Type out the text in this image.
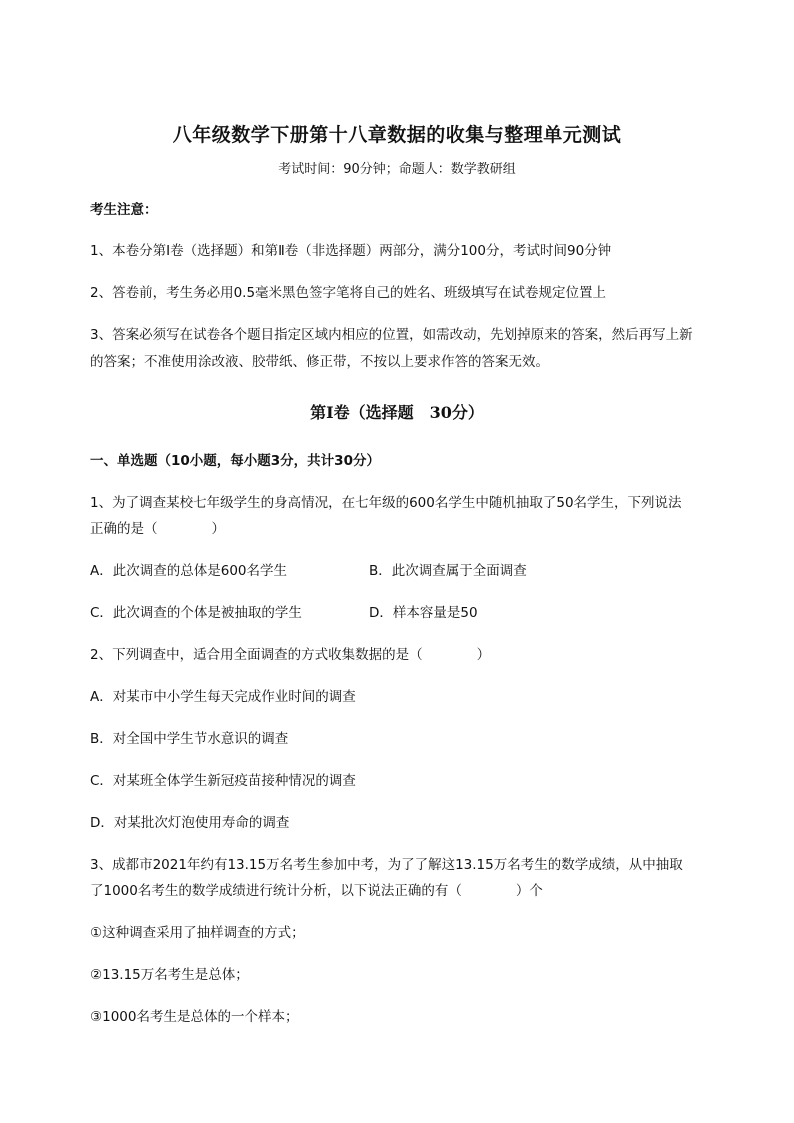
八年级数学下册第十八章数据的收集与整理单元测试
考试时间：90分钟；命题人：数学教研组
考生注意：
1、本卷分第Ⅰ卷（选择题）和第Ⅱ卷（非选择题）两部分，满分100分，考试时间90分钟
2、答卷前，考生务必用0.5毫米黑色签字笔将自己的姓名、班级填写在试卷规定位置上
3、答案必须写在试卷各个题目指定区域内相应的位置，如需改动，先划掉原来的答案，然后再写上新
的答案；不准使用涂改液、胶带纸、修正带，不按以上要求作答的答案无效。
第Ⅰ卷（选择题　30分）
一、单选题（10小题，每小题3分，共计30分）
1、为了调查某校七年级学生的身高情况，在七年级的600名学生中随机抽取了50名学生，下列说法
正确的是（　　　　）
A．此次调查的总体是600名学生	B．此次调查属于全面调查
C．此次调查的个体是被抽取的学生	D．样本容量是50
2、下列调查中，适合用全面调查的方式收集数据的是（　　　　）
A．对某市中小学生每天完成作业时间的调查
B．对全国中学生节水意识的调查
C．对某班全体学生新冠疫苗接种情况的调查
D．对某批次灯泡使用寿命的调查
3、成都市2021年约有13.15万名考生参加中考，为了了解这13.15万名考生的数学成绩，从中抽取
了1000名考生的数学成绩进行统计分析，以下说法正确的有（　　　　）个
①这种调查采用了抽样调查的方式；
②13.15万名考生是总体；
③1000名考生是总体的一个样本；
